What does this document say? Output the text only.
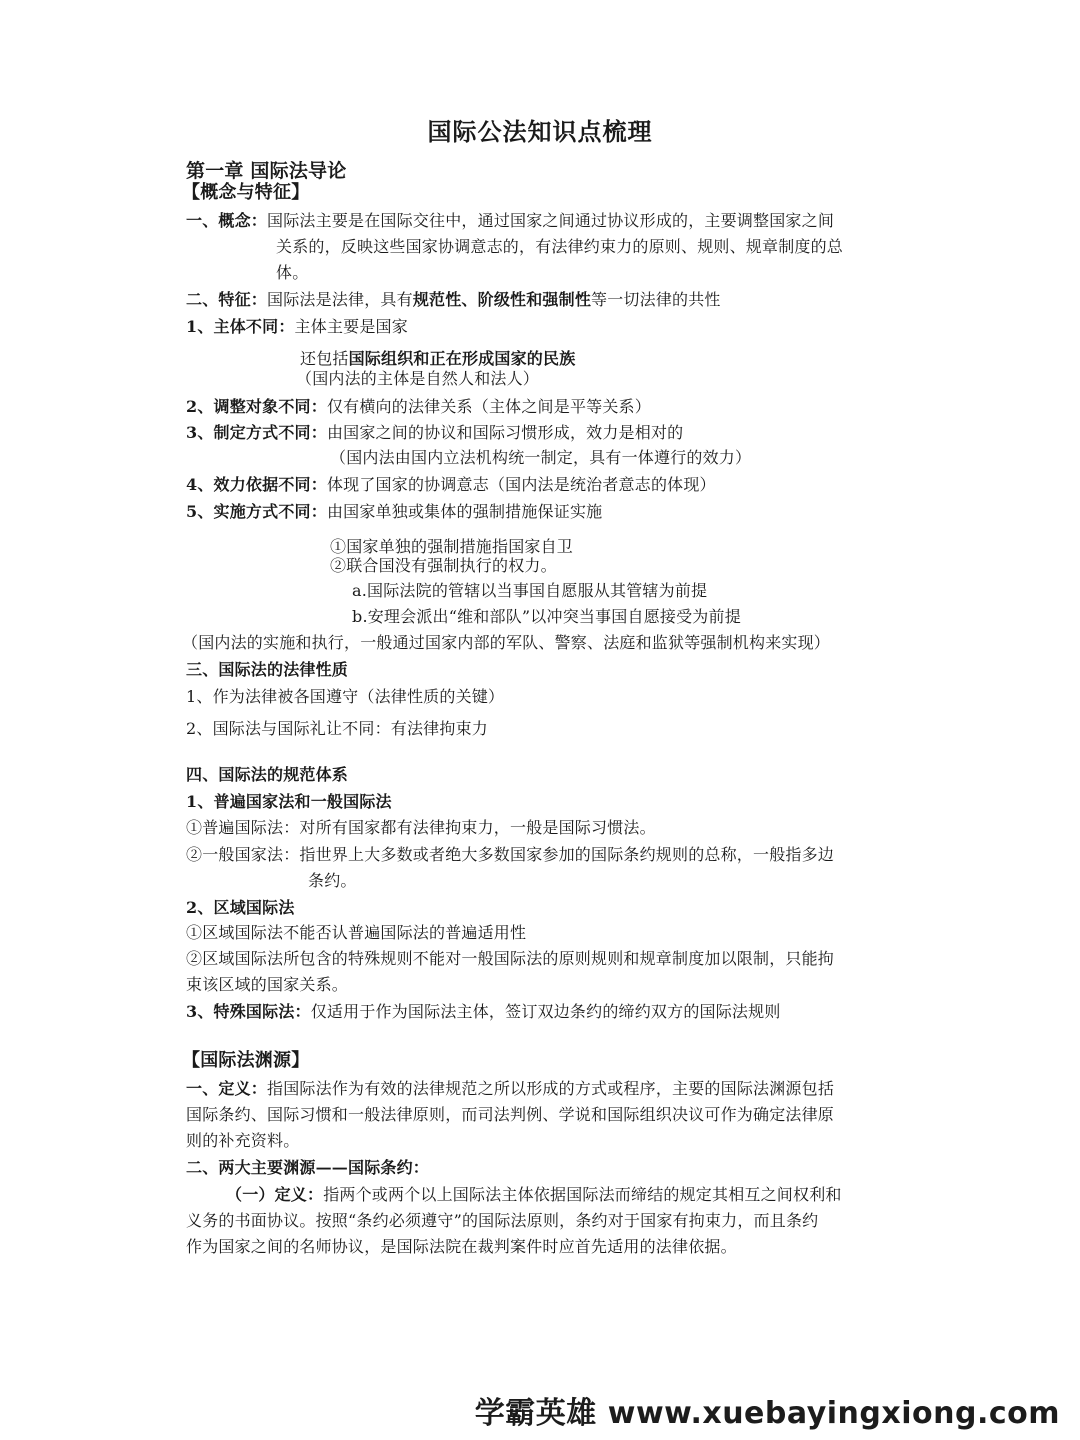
国际公法知识点梳理
第一章 国际法导论
【概念与特征】
一、概念：国际法主要是在国际交往中，通过国家之间通过协议形成的，主要调整国家之间
关系的，反映这些国家协调意志的，有法律约束力的原则、规则、规章制度的总
体。
二、特征：国际法是法律，具有规范性、阶级性和强制性等一切法律的共性
1、主体不同：主体主要是国家
还包括国际组织和正在形成国家的民族
（国内法的主体是自然人和法人）
2、调整对象不同：仅有横向的法律关系（主体之间是平等关系）
3、制定方式不同：由国家之间的协议和国际习惯形成，效力是相对的
（国内法由国内立法机构统一制定，具有一体遵行的效力）
4、效力依据不同：体现了国家的协调意志（国内法是统治者意志的体现）
5、实施方式不同：由国家单独或集体的强制措施保证实施
①国家单独的强制措施指国家自卫
②联合国没有强制执行的权力。
a.国际法院的管辖以当事国自愿服从其管辖为前提
b.安理会派出“维和部队”以冲突当事国自愿接受为前提
（国内法的实施和执行，一般通过国家内部的军队、警察、法庭和监狱等强制机构来实现）
三、国际法的法律性质
1、作为法律被各国遵守（法律性质的关键）
2、国际法与国际礼让不同：有法律拘束力
四、国际法的规范体系
1、普遍国家法和一般国际法
①普遍国际法：对所有国家都有法律拘束力，一般是国际习惯法。
②一般国家法：指世界上大多数或者绝大多数国家参加的国际条约规则的总称，一般指多边
条约。
2、区域国际法
①区域国际法不能否认普遍国际法的普遍适用性
②区域国际法所包含的特殊规则不能对一般国际法的原则规则和规章制度加以限制，只能拘
束该区域的国家关系。
3、特殊国际法：仅适用于作为国际法主体，签订双边条约的缔约双方的国际法规则
【国际法渊源】
一、定义：指国际法作为有效的法律规范之所以形成的方式或程序，主要的国际法渊源包括
国际条约、国际习惯和一般法律原则，而司法判例、学说和国际组织决议可作为确定法律原
则的补充资料。
二、两大主要渊源——国际条约：
（一）定义：指两个或两个以上国际法主体依据国际法而缔结的规定其相互之间权利和
义务的书面协议。按照“条约必须遵守”的国际法原则，条约对于国家有拘束力，而且条约
作为国家之间的名师协议，是国际法院在裁判案件时应首先适用的法律依据。
学霸英雄 www.xuebayingxiong.com
